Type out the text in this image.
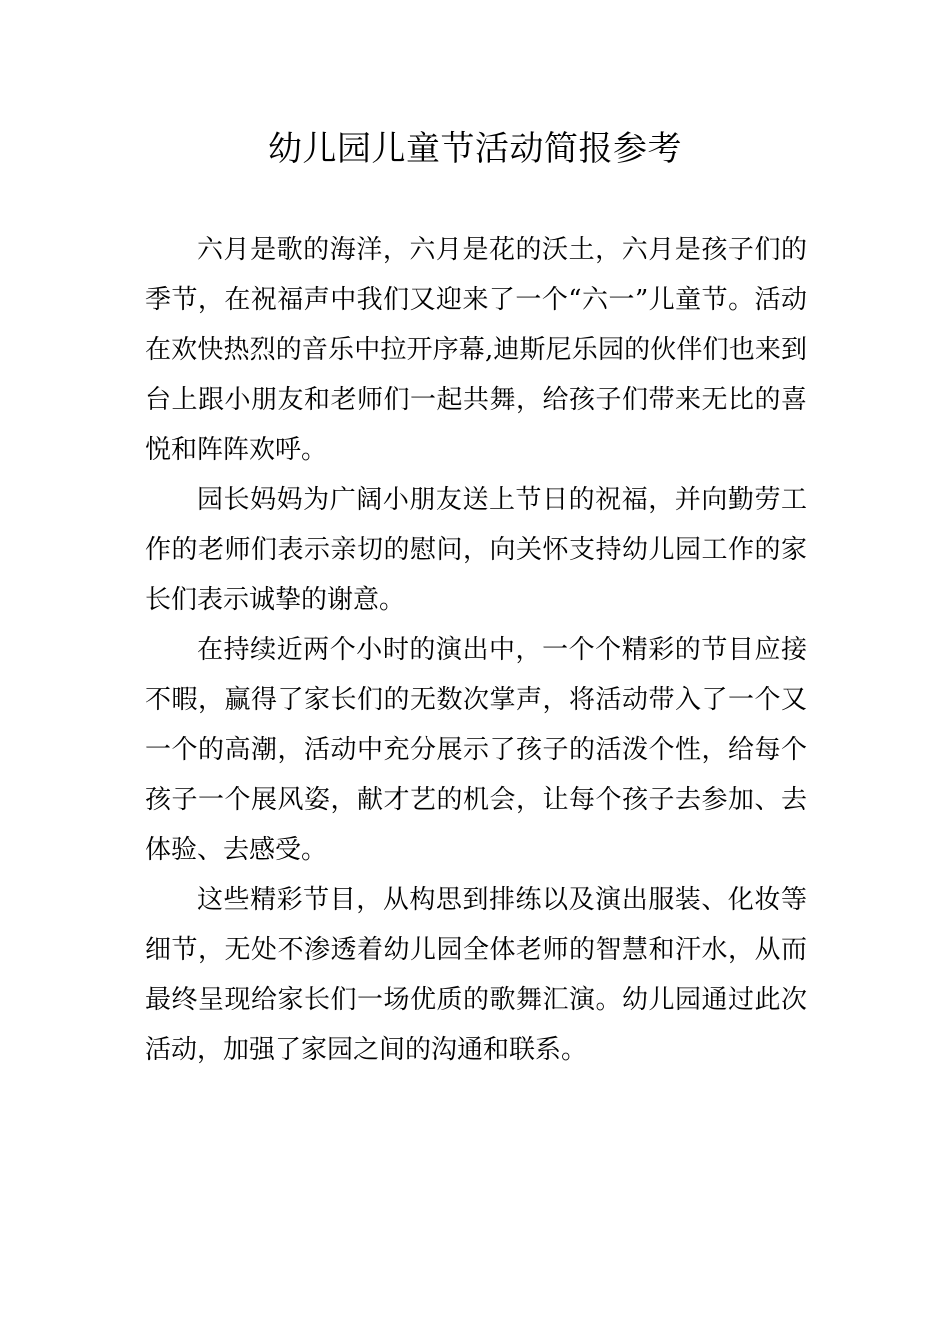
幼儿园儿童节活动简报参考

六月是歌的海洋，六月是花的沃土，六月是孩子们的季节，在祝福声中我们又迎来了一个“六一”儿童节。活动在欢快热烈的音乐中拉开序幕,迪斯尼乐园的伙伴们也来到台上跟小朋友和老师们一起共舞，给孩子们带来无比的喜悦和阵阵欢呼。

园长妈妈为广阔小朋友送上节日的祝福，并向勤劳工作的老师们表示亲切的慰问，向关怀支持幼儿园工作的家长们表示诚挚的谢意。

在持续近两个小时的演出中，一个个精彩的节目应接不暇，赢得了家长们的无数次掌声，将活动带入了一个又一个的高潮，活动中充分展示了孩子的活泼个性，给每个孩子一个展风姿，献才艺的机会，让每个孩子去参加、去体验、去感受。

这些精彩节目，从构思到排练以及演出服装、化妆等细节，无处不渗透着幼儿园全体老师的智慧和汗水，从而最终呈现给家长们一场优质的歌舞汇演。幼儿园通过此次活动，加强了家园之间的沟通和联系。
